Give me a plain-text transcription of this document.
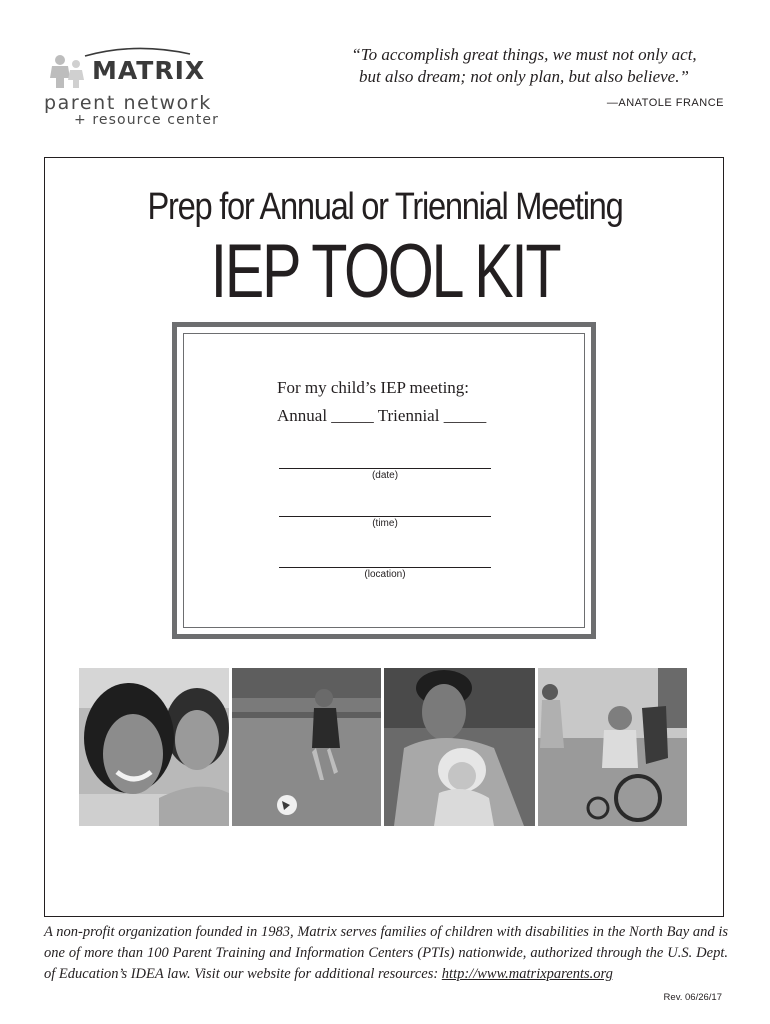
MATRIX
parent network
+ resource center
“To accomplish great things, we must not only act,
but also dream; not only plan, but also believe.”
—ANATOLE FRANCE
Prep for Annual or Triennial Meeting
IEP TOOL KIT
For my child’s IEP meeting:
Annual _____ Triennial _____
(date)
(time)
(location)
A non-profit organization founded in 1983, Matrix serves families of children with disabilities in the North Bay and is one of more than 100 Parent Training and Information Centers (PTIs) nationwide, authorized through the U.S. Dept. of Education’s IDEA law. Visit our website for additional resources: http://www.matrixparents.org
Rev. 06/26/17
